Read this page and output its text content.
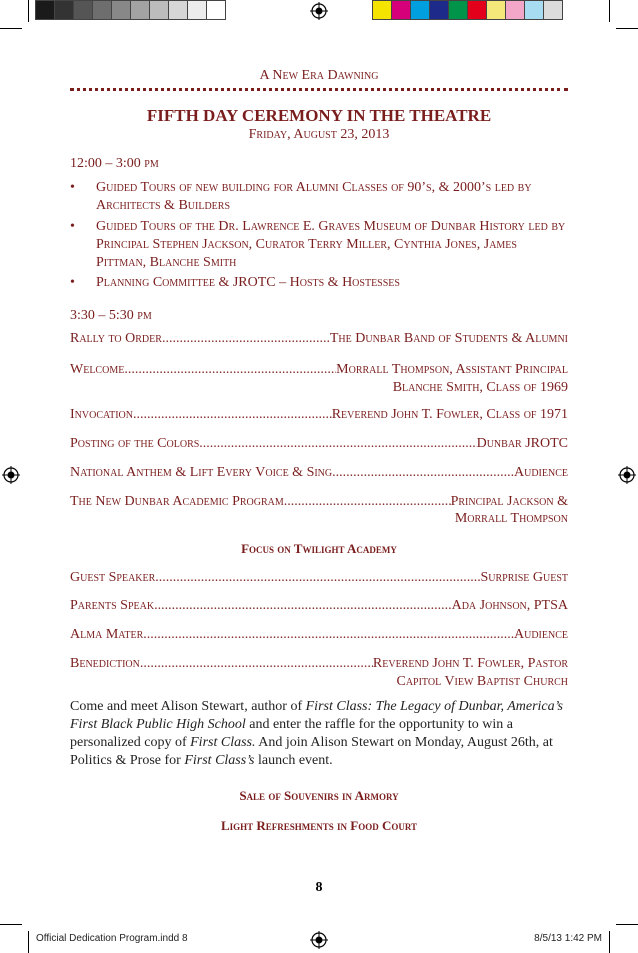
A New Era Dawning
FIFTH DAY CEREMONY IN THE THEATRE
Friday, August 23, 2013
12:00 – 3:00 pm
• Guided Tours of new building for Alumni Classes of 90’s, & 2000’s led by Architects & Builders
• Guided Tours of the Dr. Lawrence E. Graves Museum of Dunbar History led by Principal Stephen Jackson, Curator Terry Miller, Cynthia Jones, James Pittman, Blanche Smith
• Planning Committee & JROTC – Hosts & Hostesses
3:30 – 5:30 pm
Rally to Order .....	The Dunbar Band of Students & Alumni
Welcome .....	Morrall Thompson, Assistant Principal
Blanche Smith, Class of 1969
Invocation .....	Reverend John T. Fowler, Class of 1971
Posting of the Colors .....	Dunbar JROTC
National Anthem & Lift Every Voice & Sing .....	Audience
The New Dunbar Academic Program .....	Principal Jackson &
Morrall Thompson
Focus on Twilight Academy
Guest Speaker .....	Surprise Guest
Parents Speak .....	Ada Johnson, PTSA
Alma Mater .....	Audience
Benediction .....	Reverend John T. Fowler, Pastor
Capitol View Baptist Church
Come and meet Alison Stewart, author of First Class: The Legacy of Dunbar, America’s First Black Public High School and enter the raffle for the opportunity to win a personalized copy of First Class. And join Alison Stewart on Monday, August 26th, at Politics & Prose for First Class’s launch event.
Sale of Souvenirs in Armory
Light Refreshments in Food Court
8
Official Dedication Program.indd 8	8/5/13 1:42 PM
